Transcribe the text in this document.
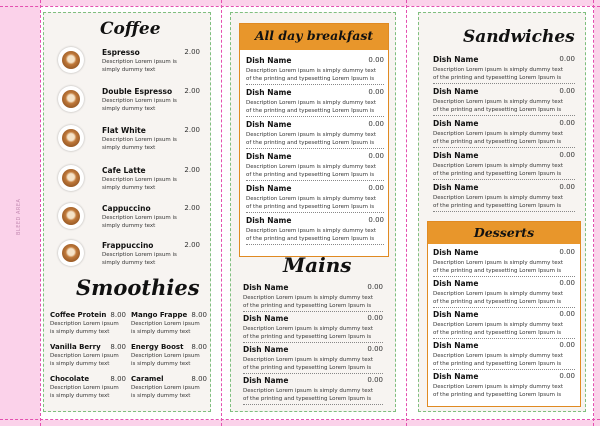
BLEED AREA
Coffee
Espresso	2.00
Description Lorem ipsum is simply dummy text
Double Espresso 2.00
Description Lorem ipsum is simply dummy text
Flat White	2.00
Description Lorem ipsum is simply dummy text
Cafe Latte	2.00
Description Lorem ipsum is simply dummy text
Cappuccino	2.00
Description Lorem ipsum is simply dummy text
Frappuccino	2.00
Description Lorem ipsum is simply dummy text
Smoothies
Coffee Protein 8.00
Description Lorem ipsum is simply dummy text
Mango Frappe 8.00
Description Lorem ipsum is simply dummy text
Vanilla Berry 8.00
Description Lorem ipsum is simply dummy text
Energy Boost 8.00
Description Lorem ipsum is simply dummy text
Chocolate	8.00
Description Lorem ipsum is simply dummy text
Caramel	8.00
Description Lorem ipsum is simply dummy text
All day breakfast
Dish Name	0.00
Description Lorem ipsum is simply dummy text of the printing and typesetting Lorem Ipsum is
Dish Name	0.00
Description Lorem ipsum is simply dummy text of the printing and typesetting Lorem Ipsum is
Dish Name	0.00
Description Lorem ipsum is simply dummy text of the printing and typesetting Lorem Ipsum is
Dish Name	0.00
Description Lorem ipsum is simply dummy text of the printing and typesetting Lorem Ipsum is
Dish Name	0.00
Description Lorem ipsum is simply dummy text of the printing and typesetting Lorem Ipsum is
Dish Name	0.00
Description Lorem ipsum is simply dummy text of the printing and typesetting Lorem Ipsum is
Mains
Dish Name	0.00
Description Lorem ipsum is simply dummy text of the printing and typesetting Lorem Ipsum is
Dish Name	0.00
Description Lorem ipsum is simply dummy text of the printing and typesetting Lorem Ipsum is
Dish Name	0.00
Description Lorem ipsum is simply dummy text of the printing and typesetting Lorem Ipsum is
Dish Name	0.00
Description Lorem ipsum is simply dummy text of the printing and typesetting Lorem Ipsum is
Sandwiches
Dish Name	0.00
Description Lorem ipsum is simply dummy text of the printing and typesetting Lorem Ipsum is
Dish Name	0.00
Description Lorem ipsum is simply dummy text of the printing and typesetting Lorem Ipsum is
Dish Name	0.00
Description Lorem ipsum is simply dummy text of the printing and typesetting Lorem Ipsum is
Dish Name	0.00
Description Lorem ipsum is simply dummy text of the printing and typesetting Lorem Ipsum is
Dish Name	0.00
Description Lorem ipsum is simply dummy text of the printing and typesetting Lorem Ipsum is
Desserts
Dish Name	0.00
Description Lorem ipsum is simply dummy text of the printing and typesetting Lorem Ipsum is
Dish Name	0.00
Description Lorem ipsum is simply dummy text of the printing and typesetting Lorem Ipsum is
Dish Name	0.00
Description Lorem ipsum is simply dummy text of the printing and typesetting Lorem Ipsum is
Dish Name	0.00
Description Lorem ipsum is simply dummy text of the printing and typesetting Lorem Ipsum is
Dish Name	0.00
Description Lorem ipsum is simply dummy text of the printing and typesetting Lorem Ipsum is
